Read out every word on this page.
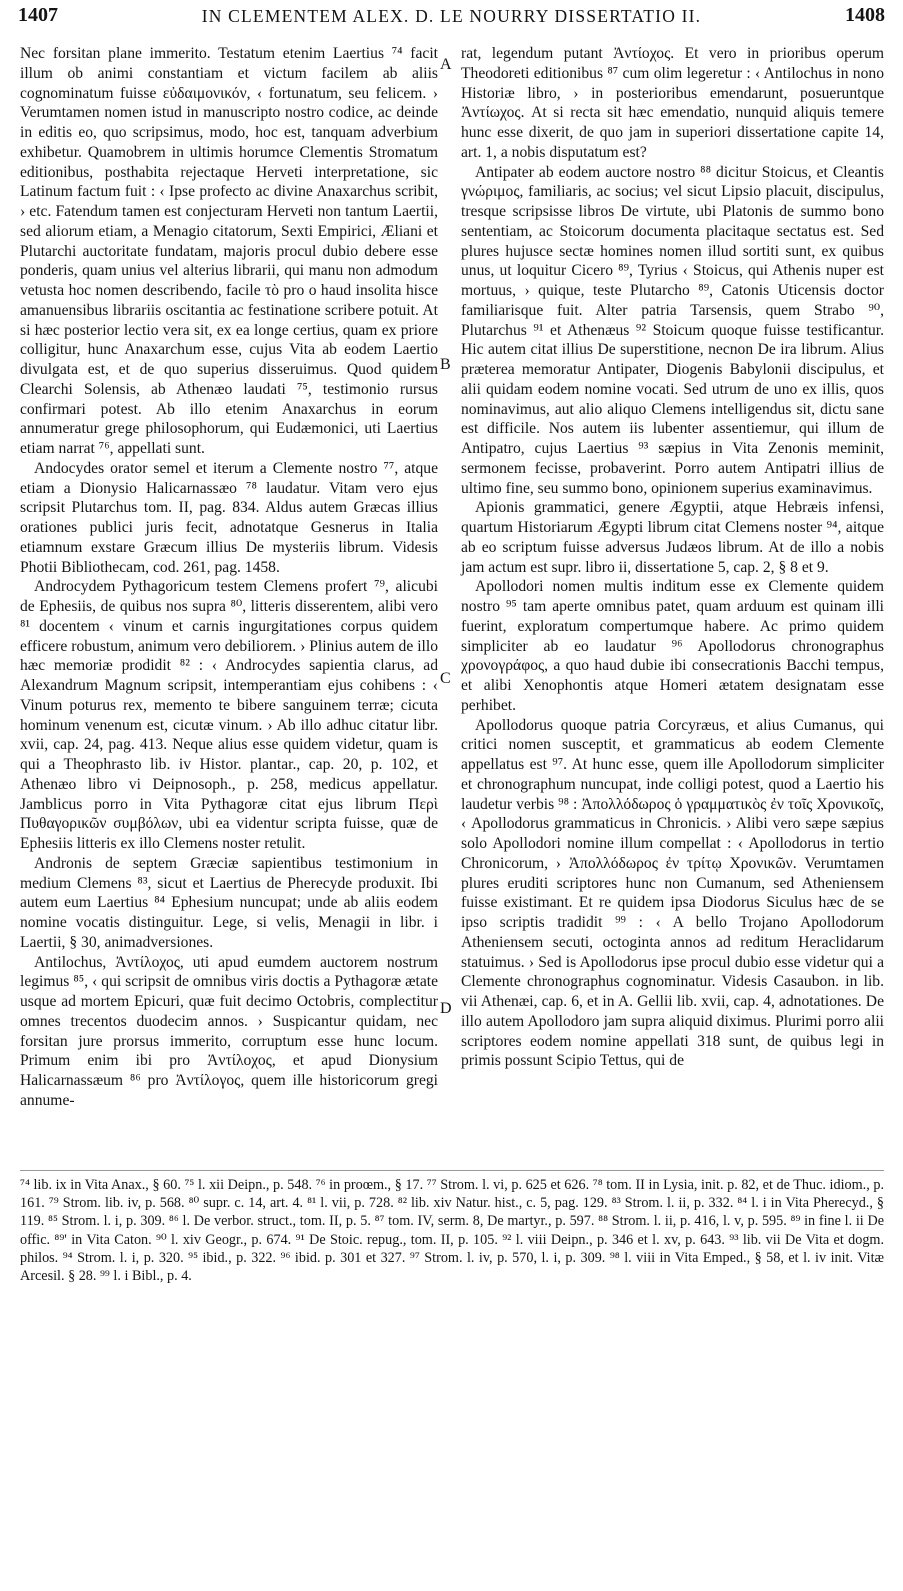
1407	IN CLEMENTEM ALEX. D. LE NOURRY DISSERTATIO II.	1408
A
B
C
D

Nec forsitan plane immerito. Testatum etenim Laertius ⁷⁴ facit illum ob animi constantiam et victum facilem ab aliis cognominatum fuisse εὐδαιμονικόν, ‹ fortunatum, seu felicem. › Verumtamen nomen istud in manuscripto nostro codice, ac deinde in editis eo, quo scripsimus, modo, hoc est, tanquam adverbium exhibetur. Quamobrem in ultimis horumce Clementis Stromatum editionibus, posthabita rejectaque Herveti interpretatione, sic Latinum factum fuit : ‹ Ipse profecto ac divine Anaxarchus scribit, › etc. Fatendum tamen est conjecturam Herveti non tantum Laertii, sed aliorum etiam, a Menagio citatorum, Sexti Empirici, Æliani et Plutarchi auctoritate fundatam, majoris procul dubio debere esse ponderis, quam unius vel alterius librarii, qui manu non admodum vetusta hoc nomen describendo, facile τὸ pro ο haud insolita hisce amanuensibus librariis oscitantia ac festinatione scribere potuit. At si hæc posterior lectio vera sit, ex ea longe certius, quam ex priore colligitur, hunc Anaxarchum esse, cujus Vita ab eodem Laertio divulgata est, et de quo superius disseruimus. Quod quidem Clearchi Solensis, ab Athenæo laudati ⁷⁵, testimonio rursus confirmari potest. Ab illo etenim Anaxarchus in eorum annumeratur grege philosophorum, qui Eudæmonici, uti Laertius etiam narrat ⁷⁶, appellati sunt.

Andocydes orator semel et iterum a Clemente nostro ⁷⁷, atque etiam a Dionysio Halicarnassæo ⁷⁸ laudatur. Vitam vero ejus scripsit Plutarchus tom. II, pag. 834. Aldus autem Græcas illius orationes publici juris fecit, adnotatque Gesnerus in Italia etiamnum exstare Græcum illius De mysteriis librum. Videsis Photii Bibliothecam, cod. 261, pag. 1458.

Androcydem Pythagoricum testem Clemens profert ⁷⁹, alicubi de Ephesiis, de quibus nos supra ⁸⁰, litteris disserentem, alibi vero ⁸¹ docentem ‹ vinum et carnis ingurgitationes corpus quidem efficere robustum, animum vero debiliorem. › Plinius autem de illo hæc memoriæ prodidit ⁸² : ‹ Androcydes sapientia clarus, ad Alexandrum Magnum scripsit, intemperantiam ejus cohibens : ‹ Vinum poturus rex, memento te bibere sanguinem terræ; cicuta hominum venenum est, cicutæ vinum. › Ab illo adhuc citatur libr. xvii, cap. 24, pag. 413. Neque alius esse quidem videtur, quam is qui a Theophrasto lib. iv Histor. plantar., cap. 20, p. 102, et Athenæo libro vi Deipnosoph., p. 258, medicus appellatur. Jamblicus porro in Vita Pythagoræ citat ejus librum Περὶ Πυθαγορικῶν συμβόλων, ubi ea videntur scripta fuisse, quæ de Ephesiis litteris ex illo Clemens noster retulit.

Andronis de septem Græciæ sapientibus testimonium in medium Clemens ⁸³, sicut et Laertius de Pherecyde produxit. Ibi autem eum Laertius ⁸⁴ Ephesium nuncupat; unde ab aliis eodem nomine vocatis distinguitur. Lege, si velis, Menagii in libr. i Laertii, § 30, animadversiones.

Antilochus, Ἀντίλοχος, uti apud eumdem auctorem nostrum legimus ⁸⁵, ‹ qui scripsit de omnibus viris doctis a Pythagoræ ætate usque ad mortem Epicuri, quæ fuit decimo Octobris, complectitur omnes trecentos duodecim annos. › Suspicantur quidam, nec forsitan jure prorsus immerito, corruptum esse hunc locum. Primum enim ibi pro Ἀντίλοχος, et apud Dionysium Halicarnassæum ⁸⁶ pro Ἀντίλογος, quem ille historicorum gregi annume-

rat, legendum putant Ἀντίοχος. Et vero in prioribus operum Theodoreti editionibus ⁸⁷ cum olim legeretur : ‹ Antilochus in nono Historiæ libro, › in posterioribus emendarunt, posueruntque Ἀντίωχος. At si recta sit hæc emendatio, nunquid aliquis temere hunc esse dixerit, de quo jam in superiori dissertatione capite 14, art. 1, a nobis disputatum est?

Antipater ab eodem auctore nostro ⁸⁸ dicitur Stoicus, et Cleantis γνώριμος, familiaris, ac socius; vel sicut Lipsio placuit, discipulus, tresque scripsisse libros De virtute, ubi Platonis de summo bono sententiam, ac Stoicorum documenta placitaque sectatus est. Sed plures hujusce sectæ homines nomen illud sortiti sunt, ex quibus unus, ut loquitur Cicero ⁸⁹, Tyrius ‹ Stoicus, qui Athenis nuper est mortuus, › quique, teste Plutarcho ⁸⁹, Catonis Uticensis doctor familiarisque fuit. Alter patria Tarsensis, quem Strabo ⁹⁰, Plutarchus ⁹¹ et Athenæus ⁹² Stoicum quoque fuisse testificantur. Hic autem citat illius De superstitione, necnon De ira librum. Alius præterea memoratur Antipater, Diogenis Babylonii discipulus, et alii quidam eodem nomine vocati. Sed utrum de uno ex illis, quos nominavimus, aut alio aliquo Clemens intelligendus sit, dictu sane est difficile. Nos autem iis lubenter assentiemur, qui illum de Antipatro, cujus Laertius ⁹³ sæpius in Vita Zenonis meminit, sermonem fecisse, probaverint. Porro autem Antipatri illius de ultimo fine, seu summo bono, opinionem superius examinavimus.

Apionis grammatici, genere Ægyptii, atque Hebræis infensi, quartum Historiarum Ægypti librum citat Clemens noster ⁹⁴, aitque ab eo scriptum fuisse adversus Judæos librum. At de illo a nobis jam actum est supr. libro ii, dissertatione 5, cap. 2, § 8 et 9.

Apollodori nomen multis inditum esse ex Clemente quidem nostro ⁹⁵ tam aperte omnibus patet, quam arduum est quinam illi fuerint, exploratum compertumque habere. Ac primo quidem simpliciter ab eo laudatur ⁹⁶ Apollodorus chronographus χρονογράφος, a quo haud dubie ibi consecrationis Bacchi tempus, et alibi Xenophontis atque Homeri ætatem designatam esse perhibet.

Apollodorus quoque patria Corcyræus, et alius Cumanus, qui critici nomen susceptit, et grammaticus ab eodem Clemente appellatus est ⁹⁷. At hunc esse, quem ille Apollodorum simpliciter et chronographum nuncupat, inde colligi potest, quod a Laertio his laudetur verbis ⁹⁸ : Ἀπολλόδωρος ὁ γραμματικὸς ἐν τοῖς Χρονικοῖς, ‹ Apollodorus grammaticus in Chronicis. › Alibi vero sæpe sæpius solo Apollodori nomine illum compellat : ‹ Apollodorus in tertio Chronicorum, › Ἀπολλόδωρος ἐν τρίτῳ Χρονικῶν. Verumtamen plures eruditi scriptores hunc non Cumanum, sed Atheniensem fuisse existimant. Et re quidem ipsa Diodorus Siculus hæc de se ipso scriptis tradidit ⁹⁹ : ‹ A bello Trojano Apollodorum Atheniensem secuti, octoginta annos ad reditum Heraclidarum statuimus. › Sed is Apollodorus ipse procul dubio esse videtur qui a Clemente chronographus cognominatur. Videsis Casaubon. in lib. vii Athenæi, cap. 6, et in A. Gellii lib. xvii, cap. 4, adnotationes. De illo autem Apollodoro jam supra aliquid diximus. Plurimi porro alii scriptores eodem nomine appellati 318 sunt, de quibus legi in primis possunt Scipio Tettus, qui de

⁷⁴ lib. ix in Vita Anax., § 60. ⁷⁵ l. xii Deipn., p. 548. ⁷⁶ in proœm., § 17. ⁷⁷ Strom. l. vi, p. 625 et 626. ⁷⁸ tom. II in Lysia, init. p. 82, et de Thuc. idiom., p. 161. ⁷⁹ Strom. lib. iv, p. 568. ⁸⁰ supr. c. 14, art. 4. ⁸¹ l. vii, p. 728. ⁸² lib. xiv Natur. hist., c. 5, pag. 129. ⁸³ Strom. l. ii, p. 332. ⁸⁴ l. i in Vita Pherecyd., § 119. ⁸⁵ Strom. l. i, p. 309. ⁸⁶ l. De verbor. struct., tom. II, p. 5. ⁸⁷ tom. IV, serm. 8, De martyr., p. 597. ⁸⁸ Strom. l. ii, p. 416, l. v, p. 595. ⁸⁹ in fine l. ii De offic. ⁸⁹' in Vita Caton. ⁹⁰ l. xiv Geogr., p. 674. ⁹¹ De Stoic. repug., tom. II, p. 105. ⁹² l. viii Deipn., p. 346 et l. xv, p. 643. ⁹³ lib. vii De Vita et dogm. philos. ⁹⁴ Strom. l. i, p. 320. ⁹⁵ ibid., p. 322. ⁹⁶ ibid. p. 301 et 327. ⁹⁷ Strom. l. iv, p. 570, l. i, p. 309. ⁹⁸ l. viii in Vita Emped., § 58, et l. iv init. Vitæ Arcesil. § 28. ⁹⁹ l. i Bibl., p. 4.
